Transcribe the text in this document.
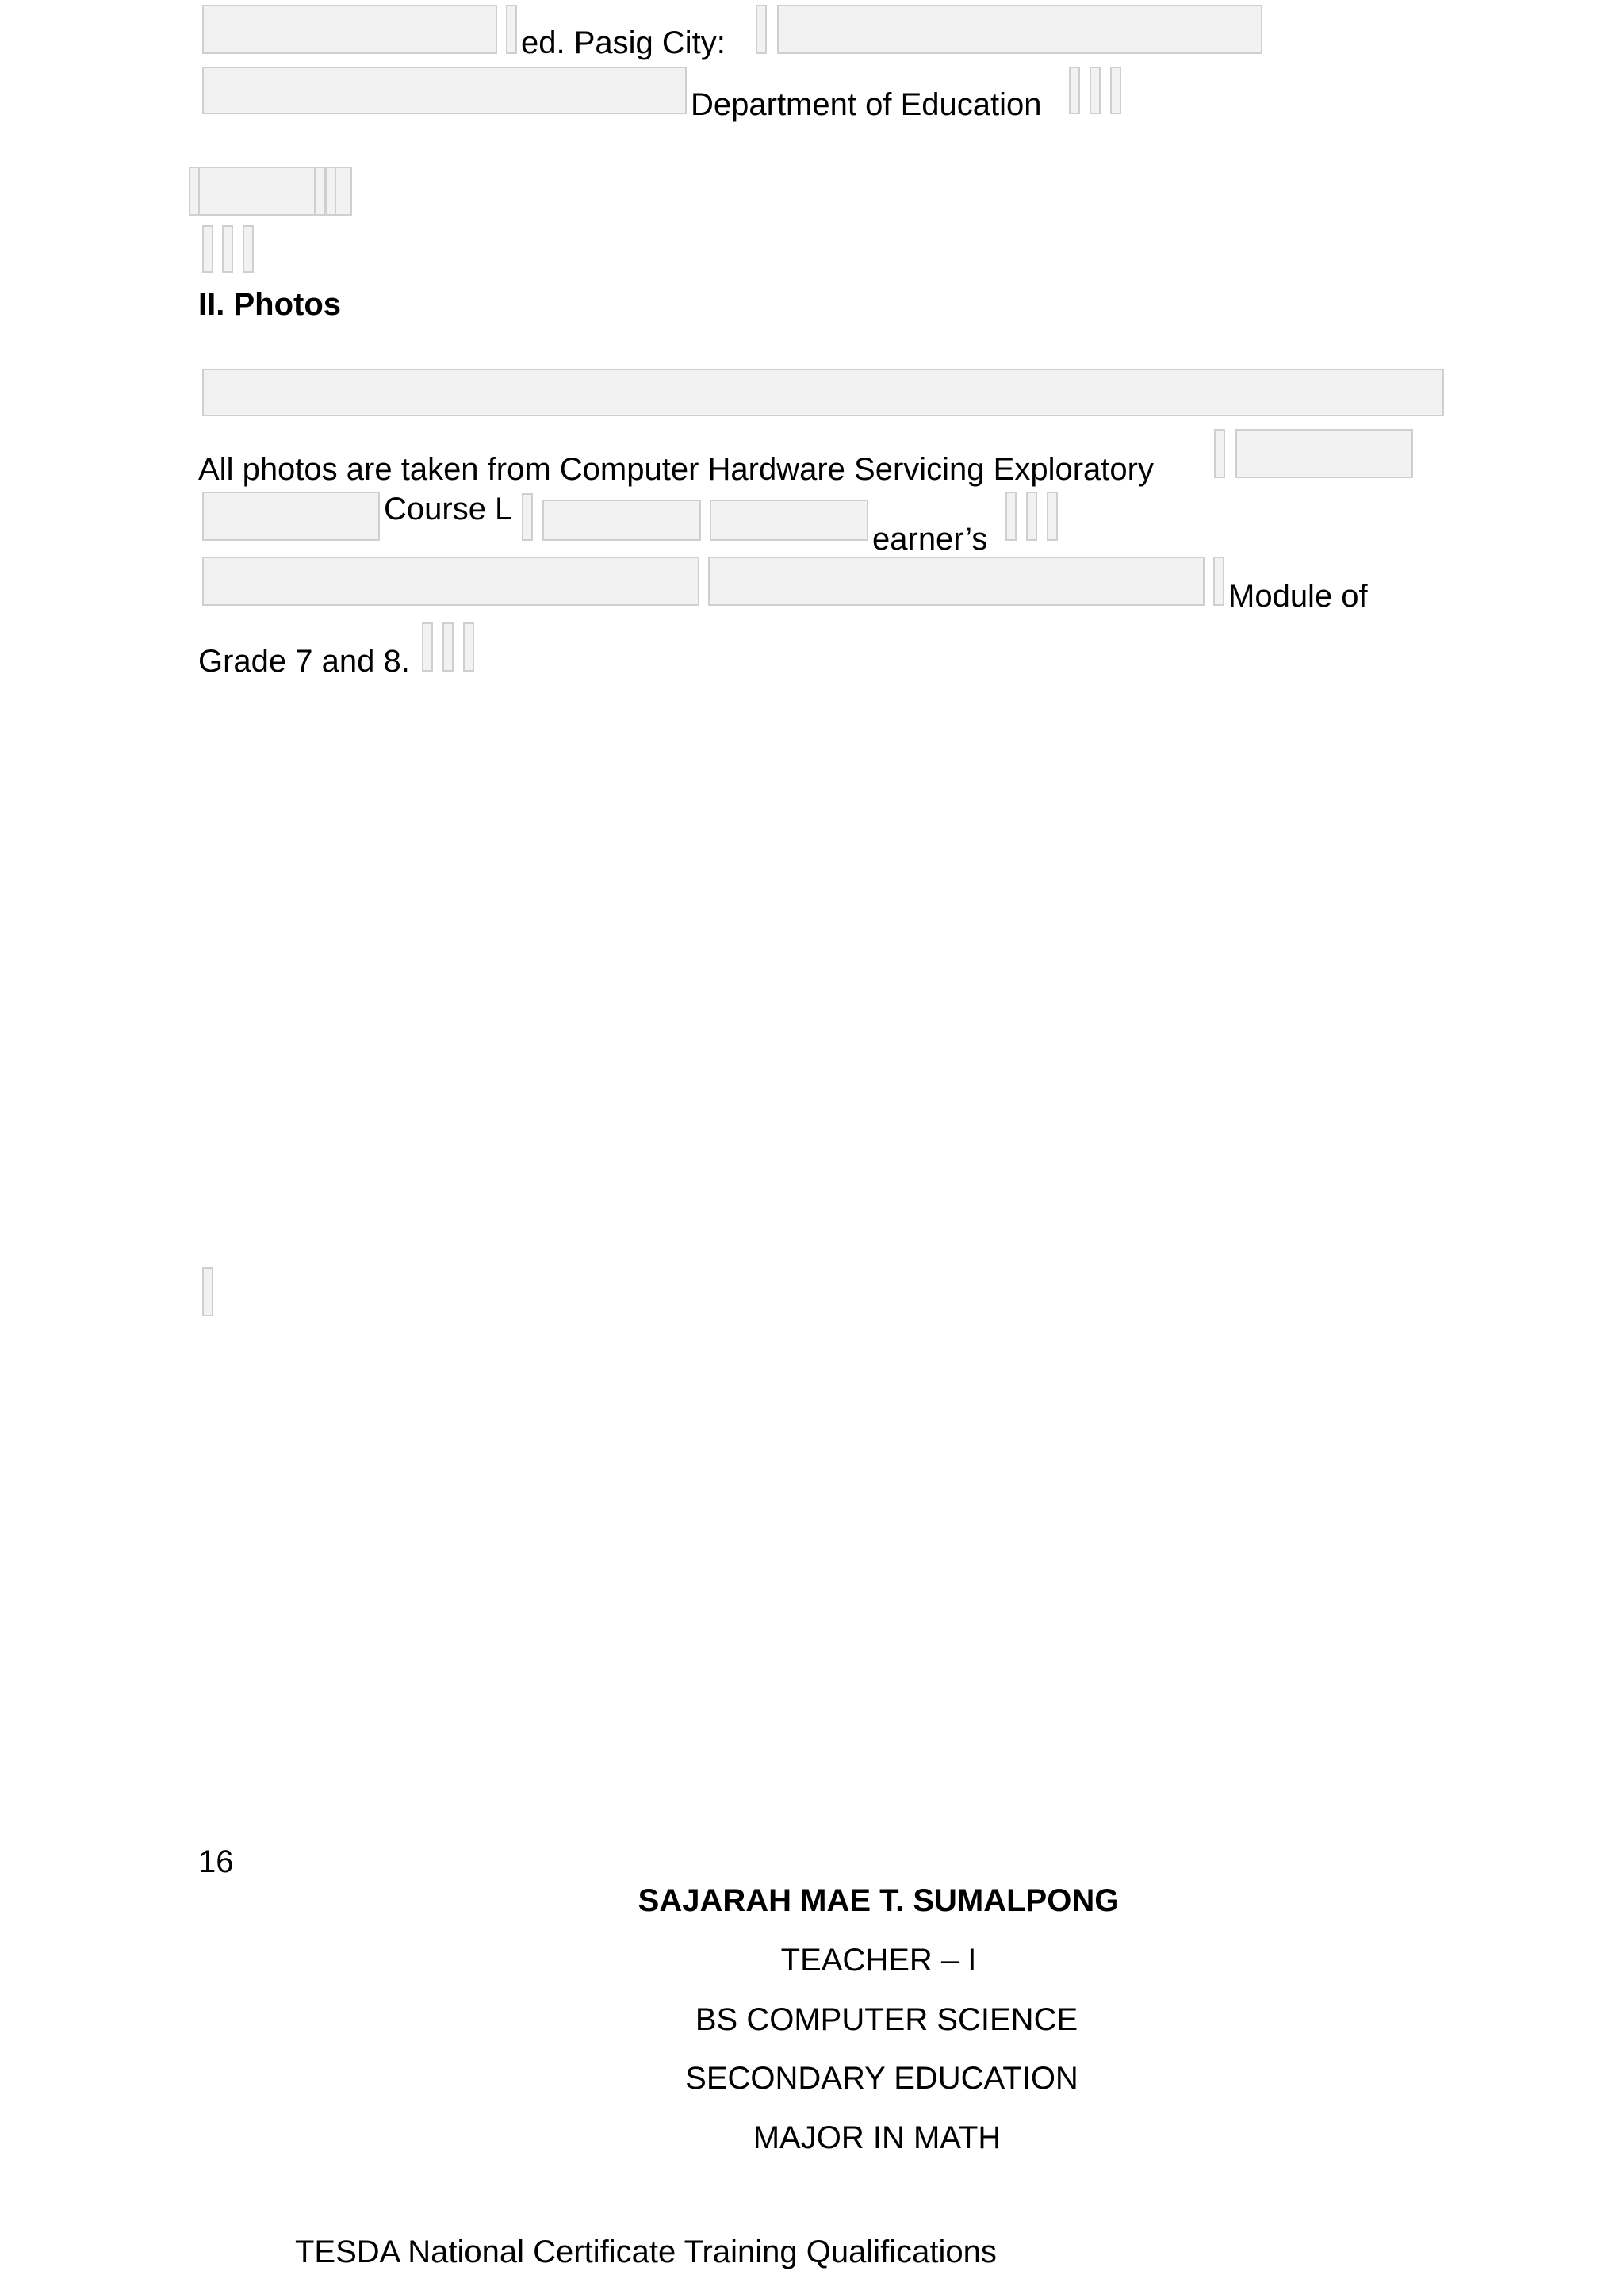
ed. Pasig City:
Department of Education
II. Photos
All photos are taken from Computer Hardware Servicing Exploratory
Course L
earner’s
Module of
Grade 7 and 8.
16
SAJARAH MAE T. SUMALPONG
TEACHER – I
BS COMPUTER SCIENCE
SECONDARY EDUCATION
MAJOR IN MATH
TESDA National Certificate Training Qualifications
